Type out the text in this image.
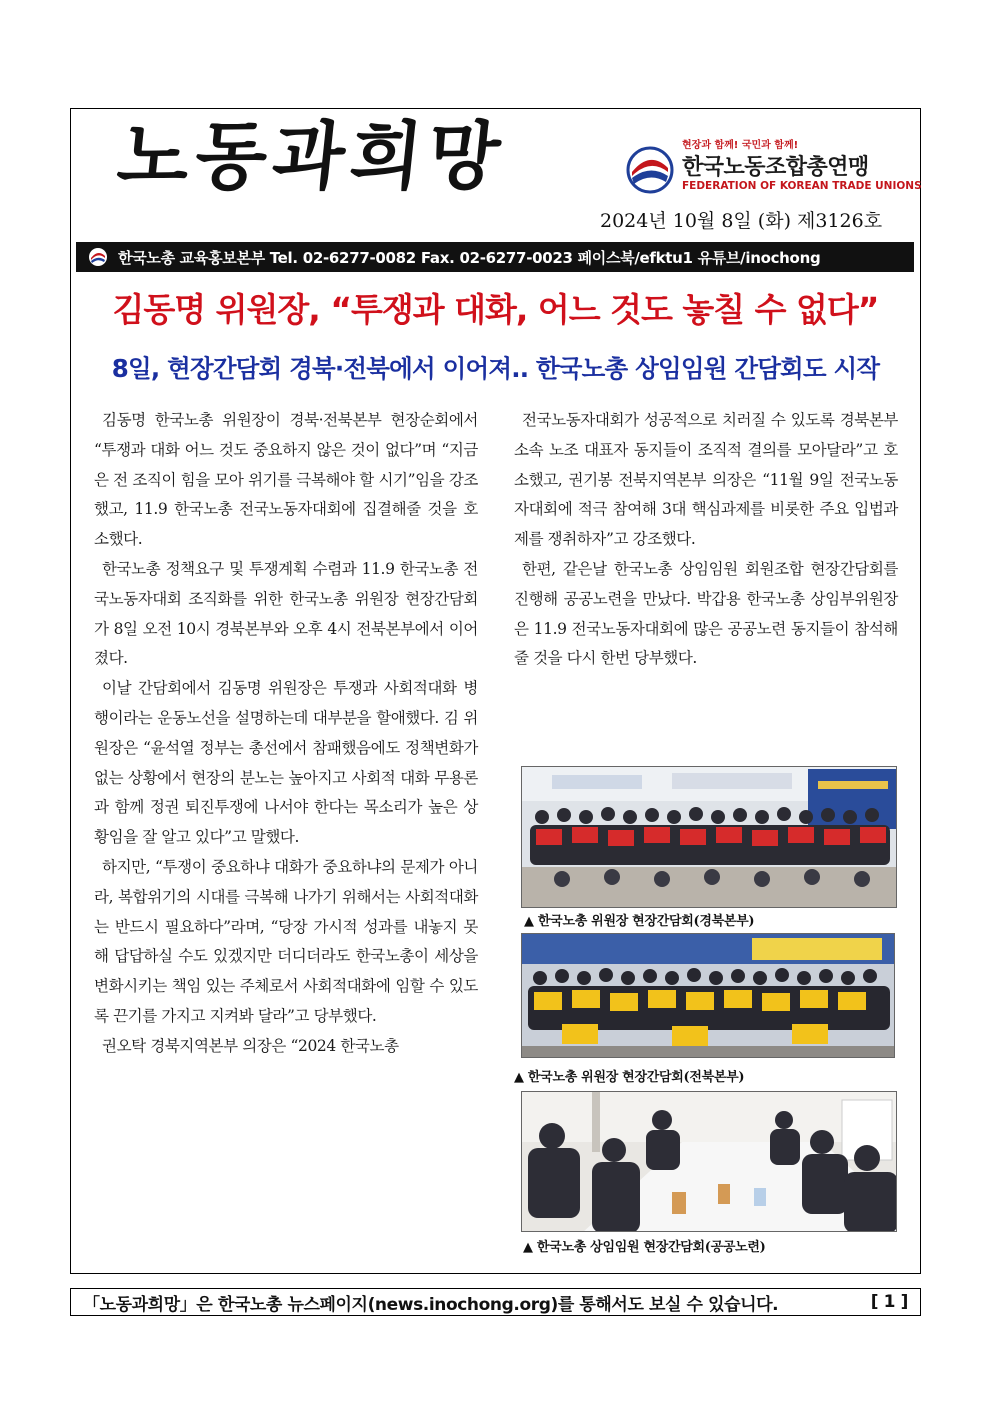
노동과희망	현장과 함께! 국민과 함께!
한국노동조합총연맹
FEDERATION OF KOREAN TRADE UNIONS
2024년 10월 8일 (화) 제3126호
한국노총 교육홍보본부 Tel. 02-6277-0082 Fax. 02-6277-0023 페이스북/efktu1 유튜브/inochong
김동명 위원장, “투쟁과 대화, 어느 것도 놓칠 수 없다”
8일, 현장간담회 경북·전북에서 이어져.. 한국노총 상임임원 간담회도 시작

김동명 한국노총 위원장이 경북·전북본부 현장순회에서 “투쟁과 대화 어느 것도 중요하지 않은 것이 없다”며 “지금은 전 조직이 힘을 모아 위기를 극복해야 할 시기”임을 강조했고, 11.9 한국노총 전국노동자대회에 집결해줄 것을 호소했다.

한국노총 정책요구 및 투쟁계획 수렴과 11.9 한국노총 전국노동자대회 조직화를 위한 한국노총 위원장 현장간담회가 8일 오전 10시 경북본부와 오후 4시 전북본부에서 이어졌다.

이날 간담회에서 김동명 위원장은 투쟁과 사회적대화 병행이라는 운동노선을 설명하는데 대부분을 할애했다. 김 위원장은 “윤석열 정부는 총선에서 참패했음에도 정책변화가 없는 상황에서 현장의 분노는 높아지고 사회적 대화 무용론과 함께 정권 퇴진투쟁에 나서야 한다는 목소리가 높은 상황임을 잘 알고 있다”고 말했다.

하지만, “투쟁이 중요하냐 대화가 중요하냐의 문제가 아니라, 복합위기의 시대를 극복해 나가기 위해서는 사회적대화는 반드시 필요하다”라며, “당장 가시적 성과를 내놓지 못해 답답하실 수도 있겠지만 더디더라도 한국노총이 세상을 변화시키는 책임 있는 주체로서 사회적대화에 임할 수 있도록 끈기를 가지고 지켜봐 달라”고 당부했다.

권오탁 경북지역본부 의장은 “2024 한국노총

전국노동자대회가 성공적으로 치러질 수 있도록 경북본부 소속 노조 대표자 동지들이 조직적 결의를 모아달라”고 호소했고, 권기봉 전북지역본부 의장은 “11월 9일 전국노동자대회에 적극 참여해 3대 핵심과제를 비롯한 주요 입법과제를 쟁취하자”고 강조했다.

한편, 같은날 한국노총 상임임원 회원조합 현장간담회를 진행해 공공노련을 만났다. 박갑용 한국노총 상임부위원장은 11.9 전국노동자대회에 많은 공공노련 동지들이 참석해줄 것을 다시 한번 당부했다.

▲ 한국노총 위원장 현장간담회(경북본부)
▲ 한국노총 위원장 현장간담회(전북본부)
▲ 한국노총 상임임원 현장간담회(공공노련)
「노동과희망」은 한국노총 뉴스페이지(news.inochong.org)를 통해서도 보실 수 있습니다.	[ 1 ]
